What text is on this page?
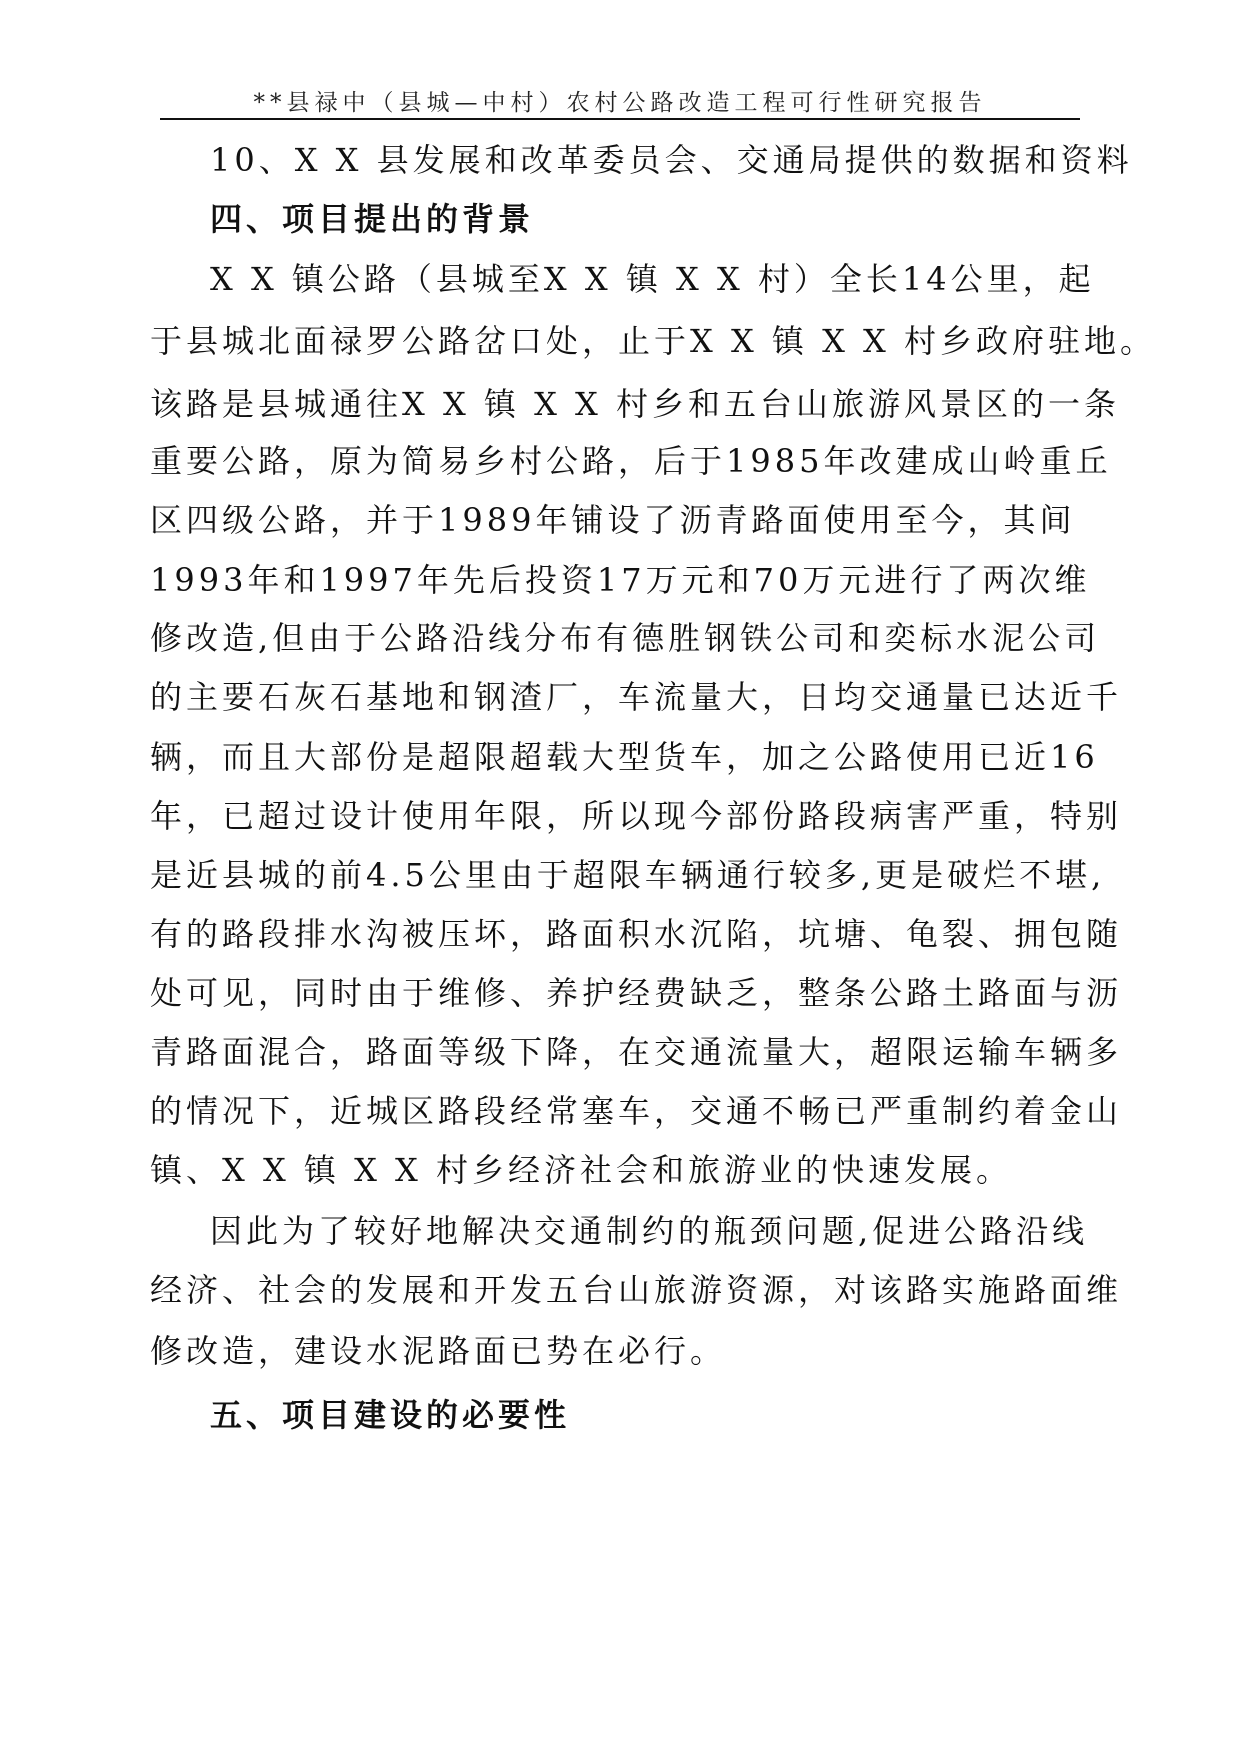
**县禄中（县城—中村）农村公路改造工程可行性研究报告
10、X X 县发展和改革委员会、交通局提供的数据和资料
四、项目提出的背景
X X 镇公路（县城至X X 镇 X X 村）全长14公里，起
于县城北面禄罗公路岔口处，止于X X 镇 X X 村乡政府驻地。
该路是县城通往X X 镇 X X 村乡和五台山旅游风景区的一条
重要公路，原为简易乡村公路，后于1985年改建成山岭重丘
区四级公路，并于1989年铺设了沥青路面使用至今，其间
1993年和1997年先后投资17万元和70万元进行了两次维
修改造,但由于公路沿线分布有德胜钢铁公司和奕标水泥公司
的主要石灰石基地和钢渣厂，车流量大，日均交通量已达近千
辆，而且大部份是超限超载大型货车，加之公路使用已近16
年，已超过设计使用年限，所以现今部份路段病害严重，特别
是近县城的前4.5公里由于超限车辆通行较多,更是破烂不堪,
有的路段排水沟被压坏，路面积水沉陷，坑塘、龟裂、拥包随
处可见，同时由于维修、养护经费缺乏，整条公路土路面与沥
青路面混合，路面等级下降，在交通流量大，超限运输车辆多
的情况下，近城区路段经常塞车，交通不畅已严重制约着金山
镇、X X 镇 X X 村乡经济社会和旅游业的快速发展。
因此为了较好地解决交通制约的瓶颈问题,促进公路沿线
经济、社会的发展和开发五台山旅游资源，对该路实施路面维
修改造，建设水泥路面已势在必行。
五、项目建设的必要性
